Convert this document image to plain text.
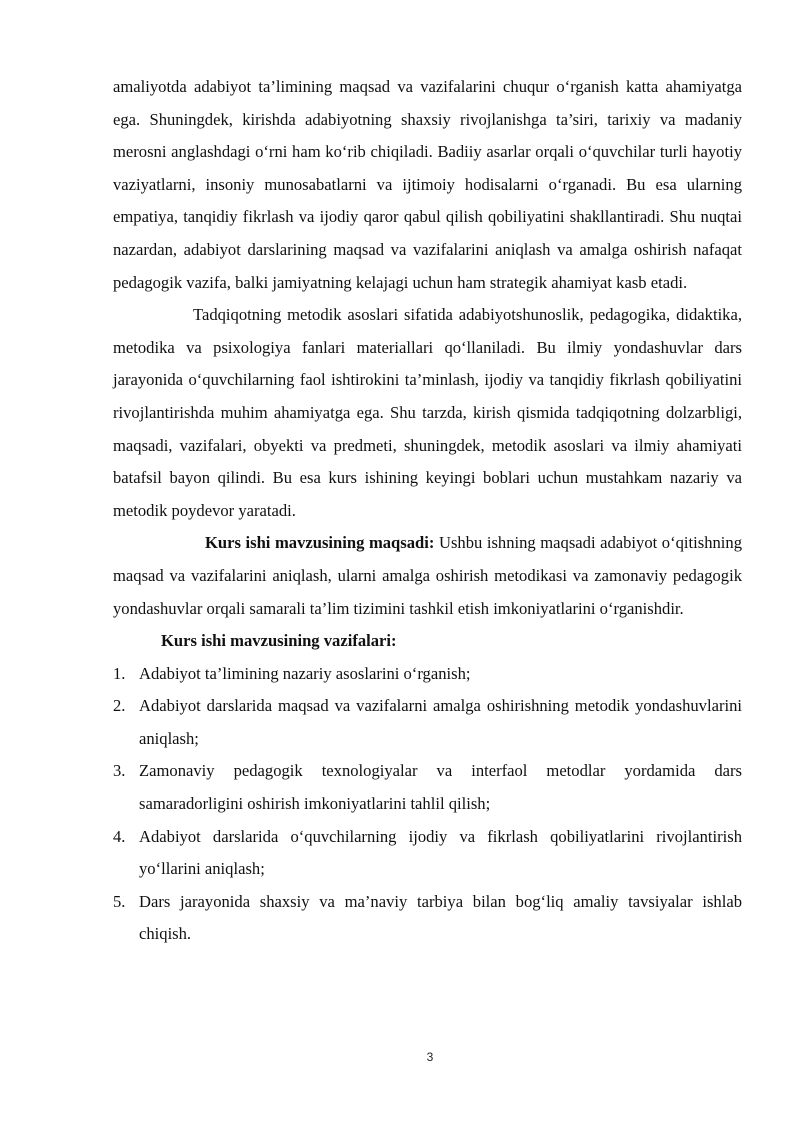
amaliyotda adabiyot ta’limining maqsad va vazifalarini chuqur o‘rganish katta ahamiyatga ega. Shuningdek, kirishda adabiyotning shaxsiy rivojlanishga ta’siri, tarixiy va madaniy merosni anglashdagi o‘rni ham ko‘rib chiqiladi. Badiiy asarlar orqali o‘quvchilar turli hayotiy vaziyatlarni, insoniy munosabatlarni va ijtimoiy hodisalarni o‘rganadi. Bu esa ularning empatiya, tanqidiy fikrlash va ijodiy qaror qabul qilish qobiliyatini shakllantiradi. Shu nuqtai nazardan, adabiyot darslarining maqsad va vazifalarini aniqlash va amalga oshirish nafaqat pedagogik vazifa, balki jamiyatning kelajagi uchun ham strategik ahamiyat kasb etadi.

Tadqiqotning metodik asoslari sifatida adabiyotshunoslik, pedagogika, didaktika, metodika va psixologiya fanlari materiallari qo‘llaniladi. Bu ilmiy yondashuvlar dars jarayonida o‘quvchilarning faol ishtirokini ta’minlash, ijodiy va tanqidiy fikrlash qobiliyatini rivojlantirishda muhim ahamiyatga ega. Shu tarzda, kirish qismida tadqiqotning dolzarbligi, maqsadi, vazifalari, obyekti va predmeti, shuningdek, metodik asoslari va ilmiy ahamiyati batafsil bayon qilindi. Bu esa kurs ishining keyingi boblari uchun mustahkam nazariy va metodik poydevor yaratadi.

Kurs ishi mavzusining maqsadi: Ushbu ishning maqsadi adabiyot o‘qitishning maqsad va vazifalarini aniqlash, ularni amalga oshirish metodikasi va zamonaviy pedagogik yondashuvlar orqali samarali ta’lim tizimini tashkil etish imkoniyatlarini o‘rganishdir.

Kurs ishi mavzusining vazifalari:

1. Adabiyot ta’limining nazariy asoslarini o‘rganish;
2. Adabiyot darslarida maqsad va vazifalarni amalga oshirishning metodik yondashuvlarini aniqlash;
3. Zamonaviy pedagogik texnologiyalar va interfaol metodlar yordamida dars samaradorligini oshirish imkoniyatlarini tahlil qilish;
4. Adabiyot darslarida o‘quvchilarning ijodiy va fikrlash qobiliyatlarini rivojlantirish yo‘llarini aniqlash;
5. Dars jarayonida shaxsiy va ma’naviy tarbiya bilan bog‘liq amaliy tavsiyalar ishlab chiqish.
3
